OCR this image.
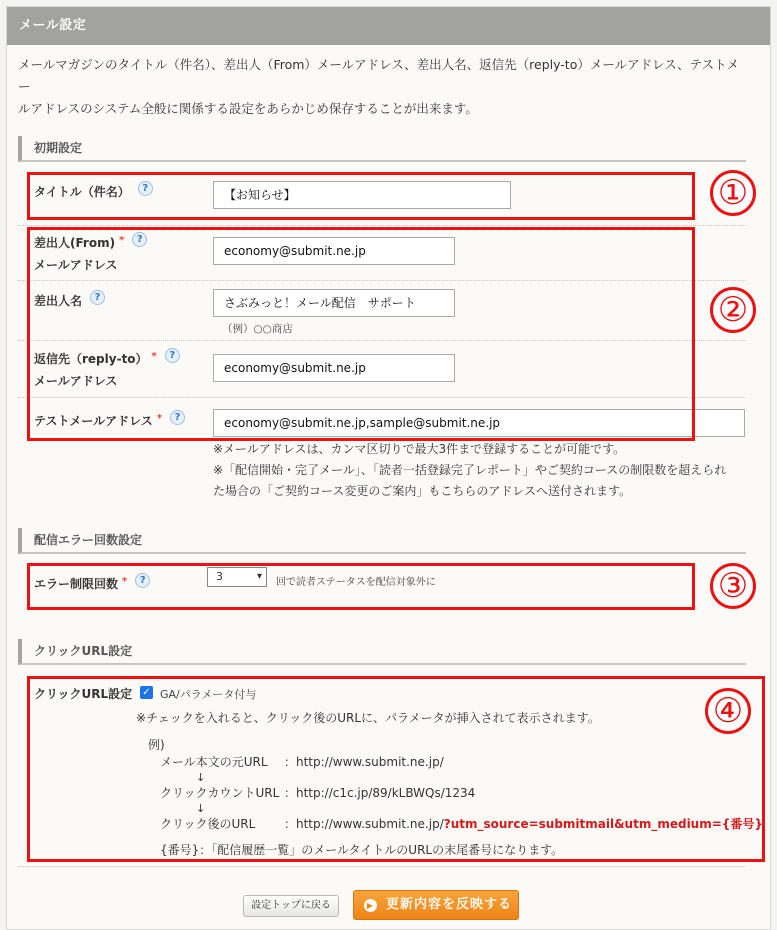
メール設定
メールマガジンのタイトル（件名）、差出人（From）メールアドレス、差出人名、返信先（reply-to）メールアドレス、テストメー
ルアドレスのシステム全般に関係する設定をあらかじめ保存することが出来ます。
初期設定
タイトル（件名） ?	【お知らせ】
差出人(From) * ?
メールアドレス
economy@submit.ne.jp
差出人名 ?	さぶみっと！メール配信　サポート
（例）○○商店
返信先（reply-to） * ?
メールアドレス
economy@submit.ne.jp
テストメールアドレス * ?	economy@submit.ne.jp,sample@submit.ne.jp
※メールアドレスは、カンマ区切りで最大3件まで登録することが可能です。
※「配信開始・完了メール」、「読者一括登録完了レポート」やご契約コースの制限数を超えられ
た場合の「ご契約コース変更のご案内」もこちらのアドレスへ送付されます。
配信エラー回数設定
エラー制限回数 * ?	3	▾
回で読者ステータスを配信対象外に
クリックURL設定
クリックURL設定 ✓ GA/パラメータ付与
※チェックを入れると、クリック後のURLに、パラメータが挿入されて表示されます。
例)
メール本文の元URL ：http://www.submit.ne.jp/
↓
クリックカウントURL ：http://c1c.jp/89/kLBWQs/1234
↓
クリック後のURL ：http://www.submit.ne.jp/?utm_source=submitmail&utm_medium={番号}
{番号}：「配信履歴一覧」のメールタイトルのURLの末尾番号になります。
設定トップに戻る	▶ 更新内容を反映する
①
②
③
④
